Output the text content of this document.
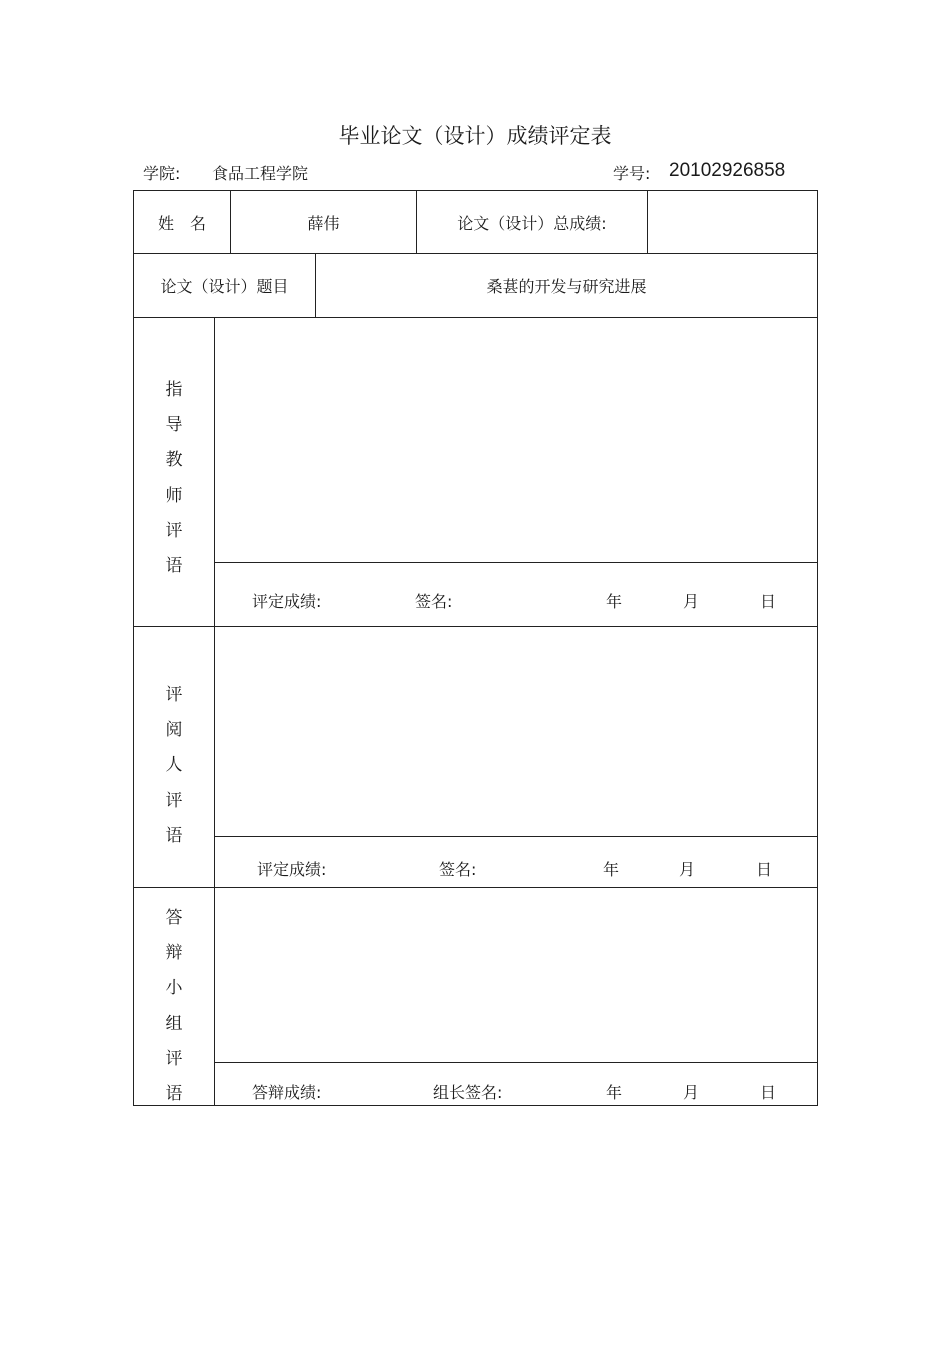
毕业论文（设计）成绩评定表
学院: 食品工程学院	学号: 20102926858
姓　名	薛伟	论文（设计）总成绩:
论文（设计）题目	桑葚的开发与研究进展
指
导
教
师
评
语
评定成绩:	签名:	年	月	日
评
阅
人
评
语
评定成绩:	签名:	年	月	日
答
辩
小
组
评
语	答辩成绩:	组长签名:	年	月	日
